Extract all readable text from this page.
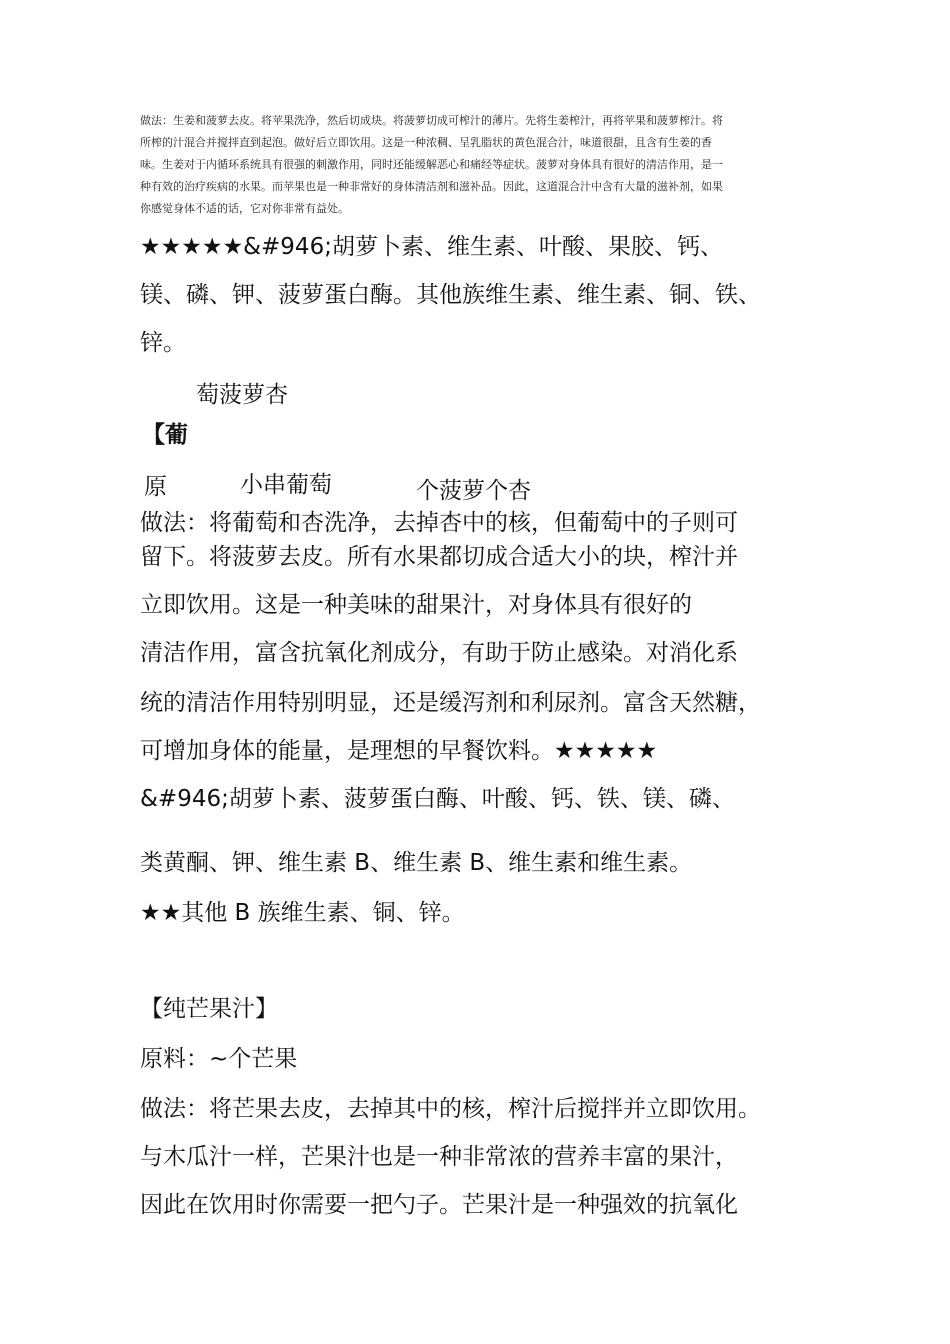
做法：生姜和菠萝去皮。将苹果洗净，然后切成块。将菠萝切成可榨汁的薄片。先将生姜榨汁，再将苹果和菠萝榨汁。将
所榨的汁混合并搅拌直到起泡。做好后立即饮用。这是一种浓稠、呈乳脂状的黄色混合汁，味道很甜，且含有生姜的香
味。生姜对于内循环系统具有很强的刺激作用，同时还能缓解恶心和痛经等症状。菠萝对身体具有很好的清洁作用，是一
种有效的治疗疾病的水果。而苹果也是一种非常好的身体清洁剂和滋补品。因此，这道混合汁中含有大量的滋补剂，如果
你感觉身体不适的话，它对你非常有益处。
★★★★★&#946;胡萝卜素、维生素、叶酸、果胶、钙、
镁、磷、钾、菠萝蛋白酶。其他族维生素、维生素、铜、铁、
锌。
萄菠萝杏
【葡
原	小串葡萄	个菠萝个杏
做法：将葡萄和杏洗净，去掉杏中的核，但葡萄中的子则可
留下。将菠萝去皮。所有水果都切成合适大小的块，榨汁并
立即饮用。这是一种美味的甜果汁，对身体具有很好的
清洁作用，富含抗氧化剂成分，有助于防止感染。对消化系
统的清洁作用特别明显，还是缓泻剂和利尿剂。富含天然糖，
可增加身体的能量，是理想的早餐饮料。★★★★★
&#946;胡萝卜素、菠萝蛋白酶、叶酸、钙、铁、镁、磷、
类黄酮、钾、维生素 B、维生素 B、维生素和维生素。
★★其他 B 族维生素、铜、锌。
【纯芒果汁】
原料：~个芒果
做法：将芒果去皮，去掉其中的核，榨汁后搅拌并立即饮用。
与木瓜汁一样，芒果汁也是一种非常浓的营养丰富的果汁，
因此在饮用时你需要一把勺子。芒果汁是一种强效的抗氧化
